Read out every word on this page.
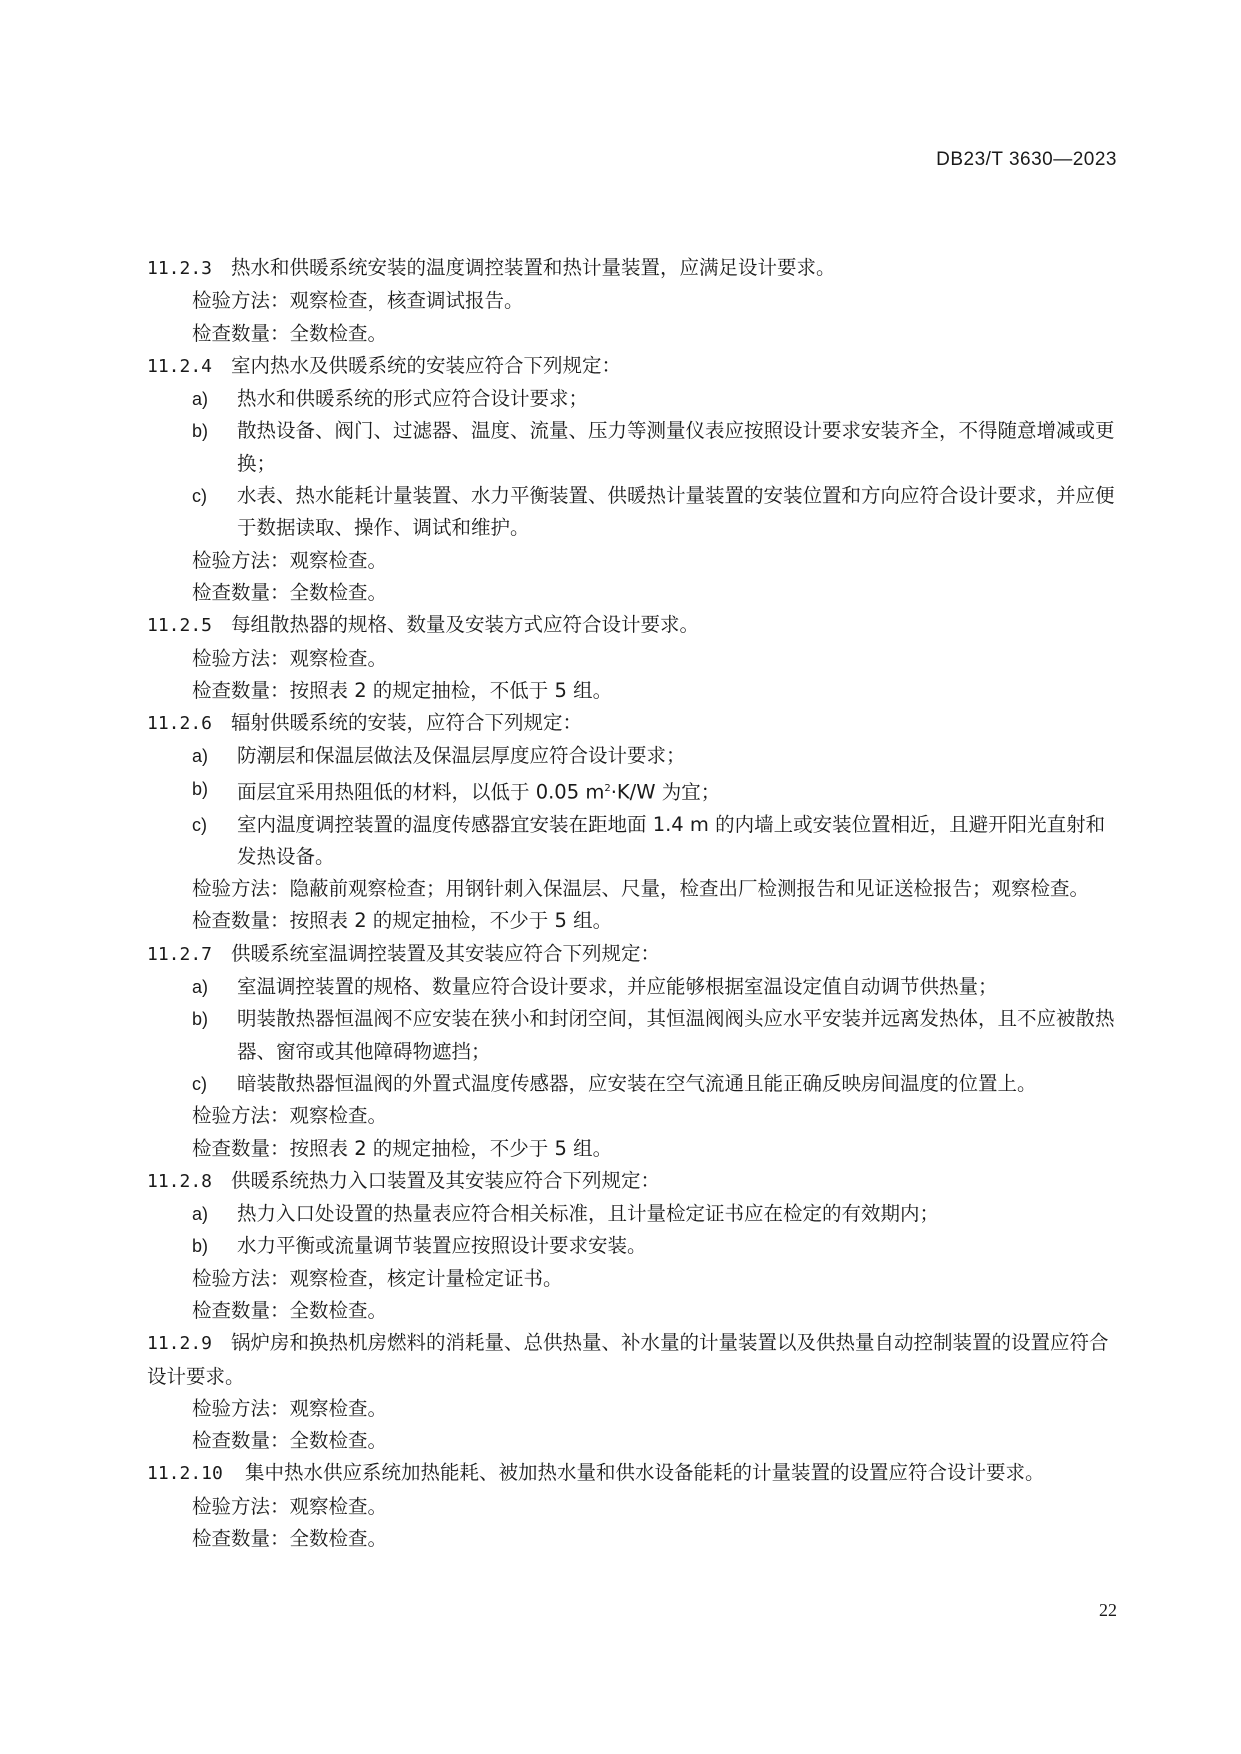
DB23/T 3630—2023
11.2.3 热水和供暖系统安装的温度调控装置和热计量装置，应满足设计要求。
检验方法：观察检查，核查调试报告。
检查数量：全数检查。
11.2.4 室内热水及供暖系统的安装应符合下列规定：
a)	热水和供暖系统的形式应符合设计要求；
b)	散热设备、阀门、过滤器、温度、流量、压力等测量仪表应按照设计要求安装齐全，不得随意增减或更换；
c)	水表、热水能耗计量装置、水力平衡装置、供暖热计量装置的安装位置和方向应符合设计要求，并应便于数据读取、操作、调试和维护。
检验方法：观察检查。
检查数量：全数检查。
11.2.5 每组散热器的规格、数量及安装方式应符合设计要求。
检验方法：观察检查。
检查数量：按照表 2 的规定抽检，不低于 5 组。
11.2.6 辐射供暖系统的安装，应符合下列规定：
a)	防潮层和保温层做法及保温层厚度应符合设计要求；
b)	面层宜采用热阻低的材料，以低于 0.05 $m^2\cdot K/W$ 为宜；
c)	室内温度调控装置的温度传感器宜安装在距地面 1.4 m 的内墙上或安装位置相近，且避开阳光直射和发热设备。
检验方法：隐蔽前观察检查；用钢针刺入保温层、尺量，检查出厂检测报告和见证送检报告；观察检查。
检查数量：按照表 2 的规定抽检，不少于 5 组。
11.2.7 供暖系统室温调控装置及其安装应符合下列规定：
a)	室温调控装置的规格、数量应符合设计要求，并应能够根据室温设定值自动调节供热量；
b)	明装散热器恒温阀不应安装在狭小和封闭空间，其恒温阀阀头应水平安装并远离发热体，且不应被散热器、窗帘或其他障碍物遮挡；
c)	暗装散热器恒温阀的外置式温度传感器，应安装在空气流通且能正确反映房间温度的位置上。
检验方法：观察检查。
检查数量：按照表 2 的规定抽检，不少于 5 组。
11.2.8 供暖系统热力入口装置及其安装应符合下列规定：
a)	热力入口处设置的热量表应符合相关标准，且计量检定证书应在检定的有效期内；
b)	水力平衡或流量调节装置应按照设计要求安装。
检验方法：观察检查，核定计量检定证书。
检查数量：全数检查。
11.2.9 锅炉房和换热机房燃料的消耗量、总供热量、补水量的计量装置以及供热量自动控制装置的设置应符合设计要求。
检验方法：观察检查。
检查数量：全数检查。
11.2.10 集中热水供应系统加热能耗、被加热水量和供水设备能耗的计量装置的设置应符合设计要求。
检验方法：观察检查。
检查数量：全数检查。
22
